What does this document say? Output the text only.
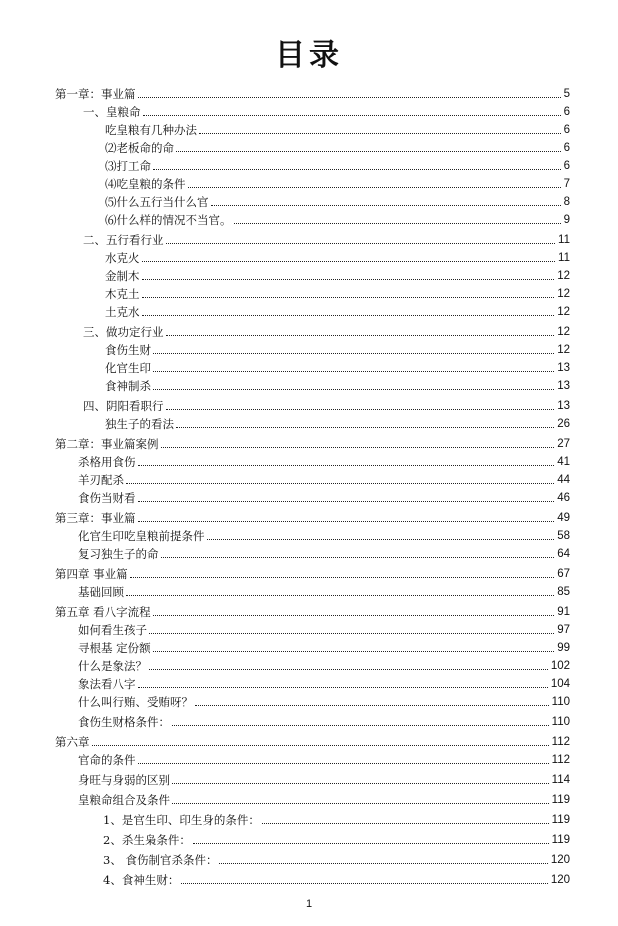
目录
第一章：事业篇	5
一、皇粮命	6
吃皇粮有几种办法	6
⑵老板命的命	6
⑶打工命	6
⑷吃皇粮的条件	7
⑸什么五行当什么官	8
⑹什么样的情况不当官。	9
二、五行看行业	11
水克火	11
金制木	12
木克土	12
土克水	12
三、做功定行业	12
食伤生财	12
化官生印	13
食神制杀	13
四、阴阳看职行	13
独生子的看法	26
第二章：事业篇案例	27
杀格用食伤	41
羊刃配杀	44
食伤当财看	46
第三章：事业篇	49
化官生印吃皇粮前提条件	58
复习独生子的命	64
第四章 事业篇	67
基础回顾	85
第五章 看八字流程	91
如何看生孩子	97
寻根基 定份额	99
什么是象法？	102
象法看八字	104
什么叫行贿、受贿呀？	110
食伤生财格条件：	110
第六章	112
官命的条件	112
身旺与身弱的区别	114
皇粮命组合及条件	119
1、是官生印、印生身的条件：	119
2、杀生枭条件：	119
3、 食伤制官杀条件：	120
4、食神生财：	120
1
